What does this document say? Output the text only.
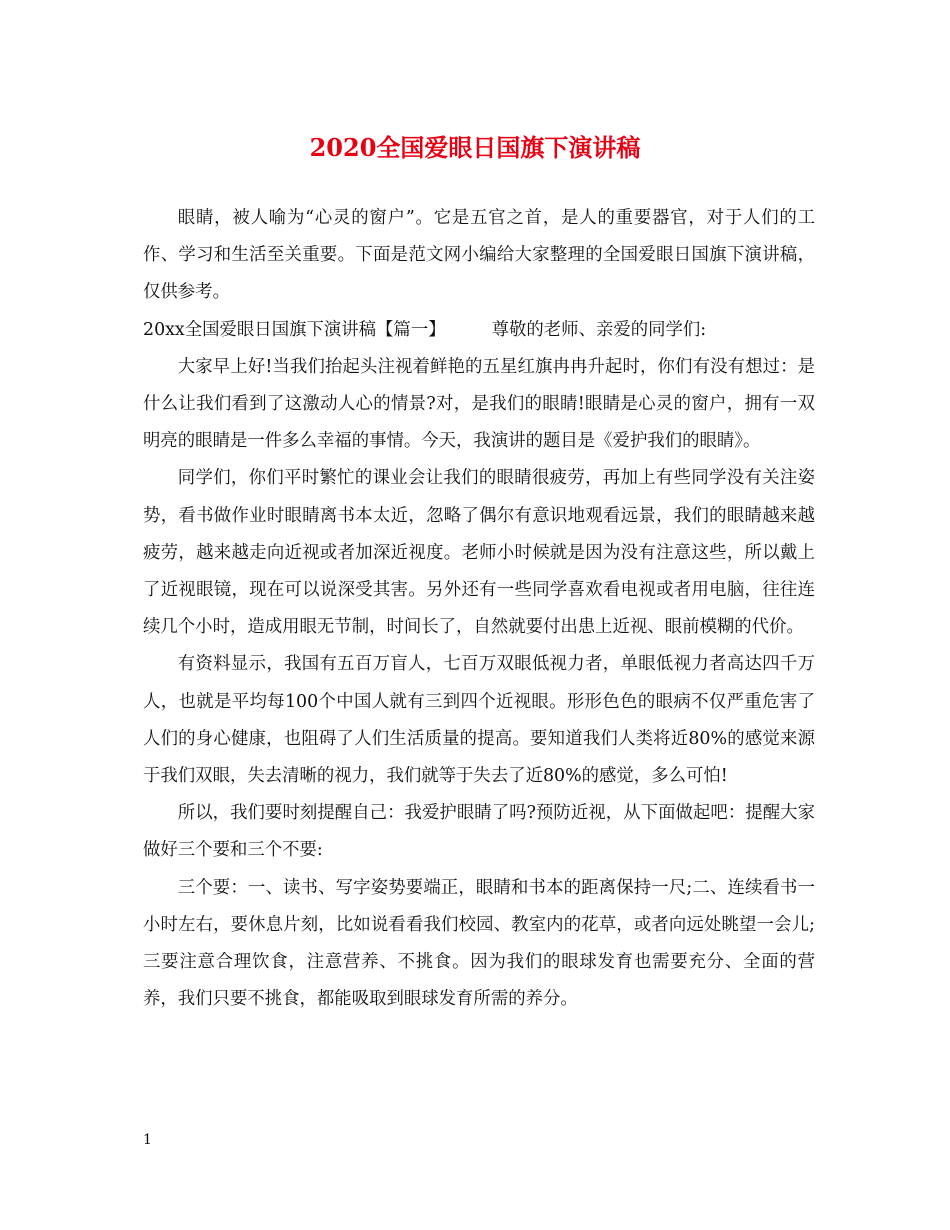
2020全国爱眼日国旗下演讲稿

眼睛，被人喻为“心灵的窗户”。它是五官之首，是人的重要器官，对于人们的工作、学习和生活至关重要。下面是范文网小编给大家整理的全国爱眼日国旗下演讲稿，仅供参考。

20xx全国爱眼日国旗下演讲稿【篇一】	尊敬的老师、亲爱的同学们:

大家早上好!当我们抬起头注视着鲜艳的五星红旗冉冉升起时，你们有没有想过：是什么让我们看到了这激动人心的情景?对，是我们的眼睛!眼睛是心灵的窗户，拥有一双明亮的眼睛是一件多么幸福的事情。今天，我演讲的题目是《爱护我们的眼睛》。

同学们，你们平时繁忙的课业会让我们的眼睛很疲劳，再加上有些同学没有关注姿势，看书做作业时眼睛离书本太近，忽略了偶尔有意识地观看远景，我们的眼睛越来越疲劳，越来越走向近视或者加深近视度。老师小时候就是因为没有注意这些，所以戴上了近视眼镜，现在可以说深受其害。另外还有一些同学喜欢看电视或者用电脑，往往连续几个小时，造成用眼无节制，时间长了，自然就要付出患上近视、眼前模糊的代价。

有资料显示，我国有五百万盲人，七百万双眼低视力者，单眼低视力者高达四千万人，也就是平均每100个中国人就有三到四个近视眼。形形色色的眼病不仅严重危害了人们的身心健康，也阻碍了人们生活质量的提高。要知道我们人类将近80%的感觉来源于我们双眼，失去清晰的视力，我们就等于失去了近80%的感觉，多么可怕!

所以，我们要时刻提醒自己：我爱护眼睛了吗?预防近视，从下面做起吧：提醒大家做好三个要和三个不要:

三个要：一、读书、写字姿势要端正，眼睛和书本的距离保持一尺;二、连续看书一小时左右，要休息片刻，比如说看看我们校园、教室内的花草，或者向远处眺望一会儿;三要注意合理饮食，注意营养、不挑食。因为我们的眼球发育也需要充分、全面的营养，我们只要不挑食，都能吸取到眼球发育所需的养分。

1
